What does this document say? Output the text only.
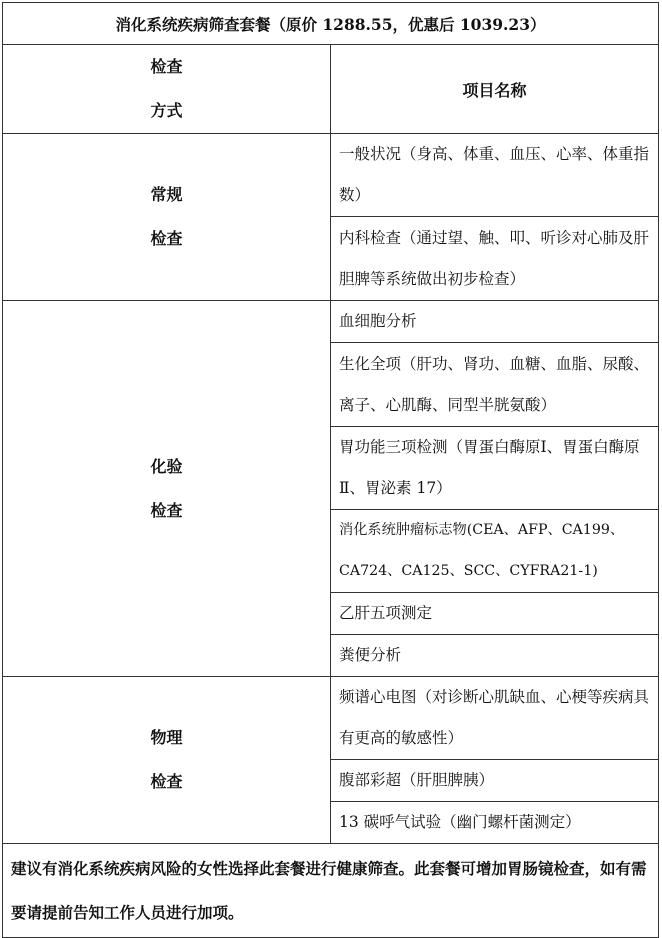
消化系统疾病筛查套餐（原价 1288.55，优惠后 1039.23）	

检查
方式	项目名称

常规
检查	一般状况（身高、体重、血压、心率、体重指数）
	内科检查（通过望、触、叩、听诊对心肺及肝胆脾等系统做出初步检查）

化验
检查	血细胞分析
	生化全项（肝功、肾功、血糖、血脂、尿酸、离子、心肌酶、同型半胱氨酸）
	胃功能三项检测（胃蛋白酶原Ⅰ、胃蛋白酶原Ⅱ、胃泌素 17）
	消化系统肿瘤标志物(CEA、AFP、CA199、CA724、CA125、SCC、CYFRA21-1)
	乙肝五项测定
	粪便分析

物理
检查	频谱心电图（对诊断心肌缺血、心梗等疾病具有更高的敏感性）
	腹部彩超（肝胆脾胰）
	13 碳呼气试验（幽门螺杆菌测定）
建议有消化系统疾病风险的女性选择此套餐进行健康筛查。此套餐可增加胃肠镜检查，如有需要请提前告知工作人员进行加项。	
